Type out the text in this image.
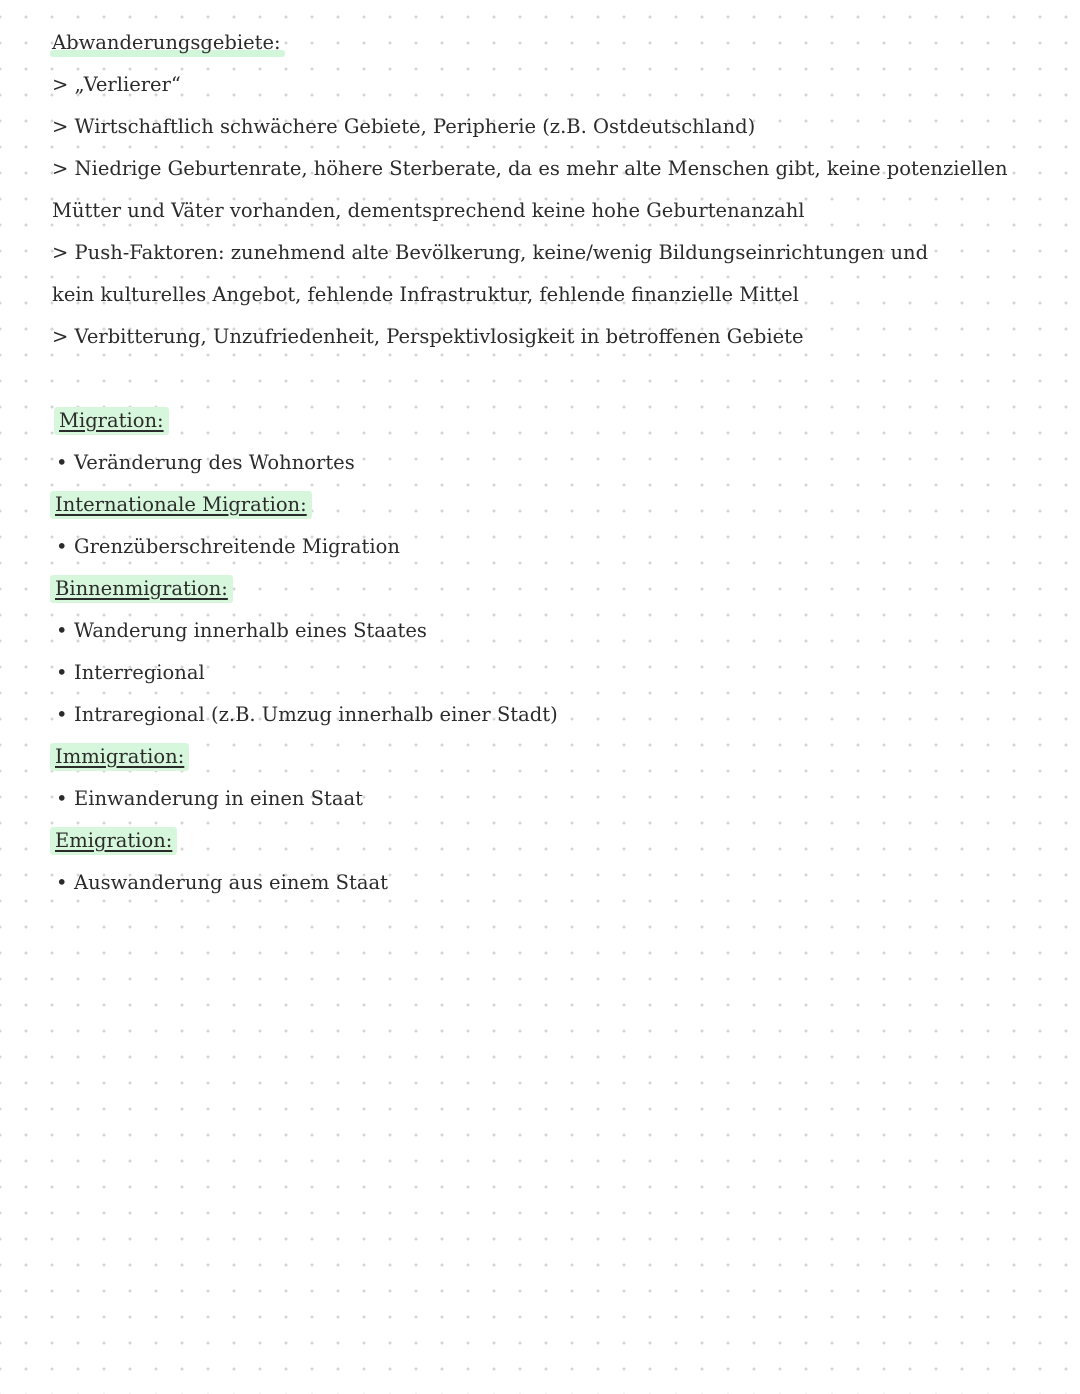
Abwanderungsgebiete:
> „Verlierer“
> Wirtschaftlich schwächere Gebiete, Peripherie (z.B. Ostdeutschland)
> Niedrige Geburtenrate, höhere Sterberate, da es mehr alte Menschen gibt, keine potenziellen
Mütter und Väter vorhanden, dementsprechend keine hohe Geburtenanzahl
> Push-Faktoren: zunehmend alte Bevölkerung, keine/wenig Bildungseinrichtungen und
kein kulturelles Angebot, fehlende Infrastruktur, fehlende finanzielle Mittel
> Verbitterung, Unzufriedenheit, Perspektivlosigkeit in betroffenen Gebiete
Migration:
• Veränderung des Wohnortes
Internationale Migration:
• Grenzüberschreitende Migration
Binnenmigration:
• Wanderung innerhalb eines Staates
• Interregional
• Intraregional (z.B. Umzug innerhalb einer Stadt)
Immigration:
• Einwanderung in einen Staat
Emigration:
• Auswanderung aus einem Staat
